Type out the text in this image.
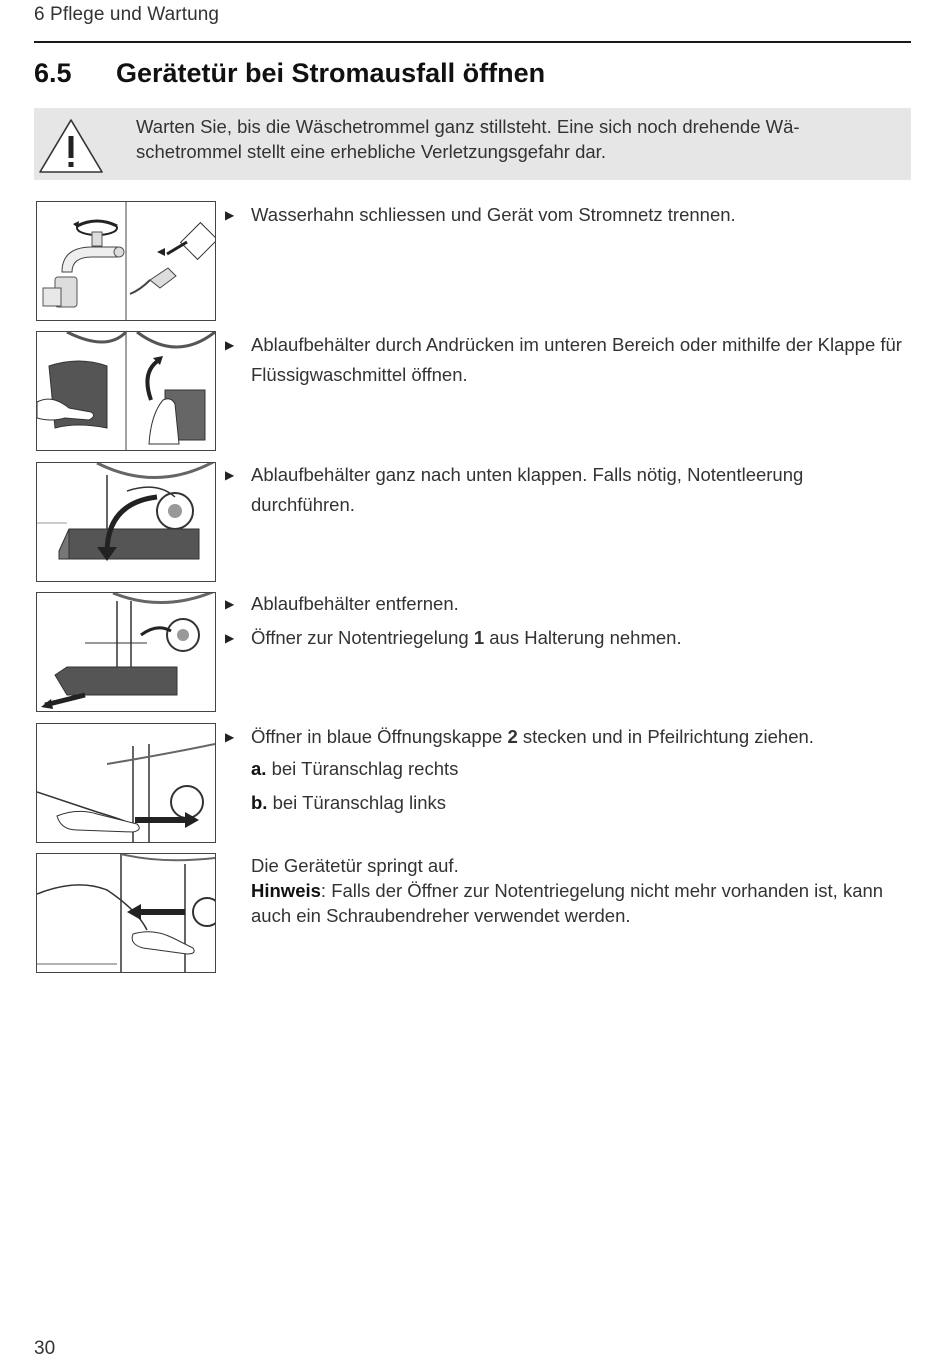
6 Pflege und Wartung
6.5 Gerätetür bei Stromausfall öffnen
Warten Sie, bis die Wäschetrommel ganz stillsteht. Eine sich noch drehende Wä-
schetrommel stellt eine erhebliche Verletzungsgefahr dar.
▶ Wasserhahn schliessen und Gerät vom Stromnetz trennen.
▶ Ablaufbehälter durch Andrücken im unteren Bereich oder mithilfe der Klappe für Flüssigwaschmittel öffnen.
▶ Ablaufbehälter ganz nach unten klappen. Falls nötig, Notentleerung durchführen.
▶ Ablaufbehälter entfernen.
▶ Öffner zur Notentriegelung 1 aus Halterung nehmen.
▶ Öffner in blaue Öffnungskappe 2 stecken und in Pfeilrichtung ziehen.
a. bei Türanschlag rechts
b. bei Türanschlag links
Die Gerätetür springt auf.
Hinweis: Falls der Öffner zur Notentriegelung nicht mehr vorhanden ist, kann auch ein Schraubendreher verwendet werden.
30
